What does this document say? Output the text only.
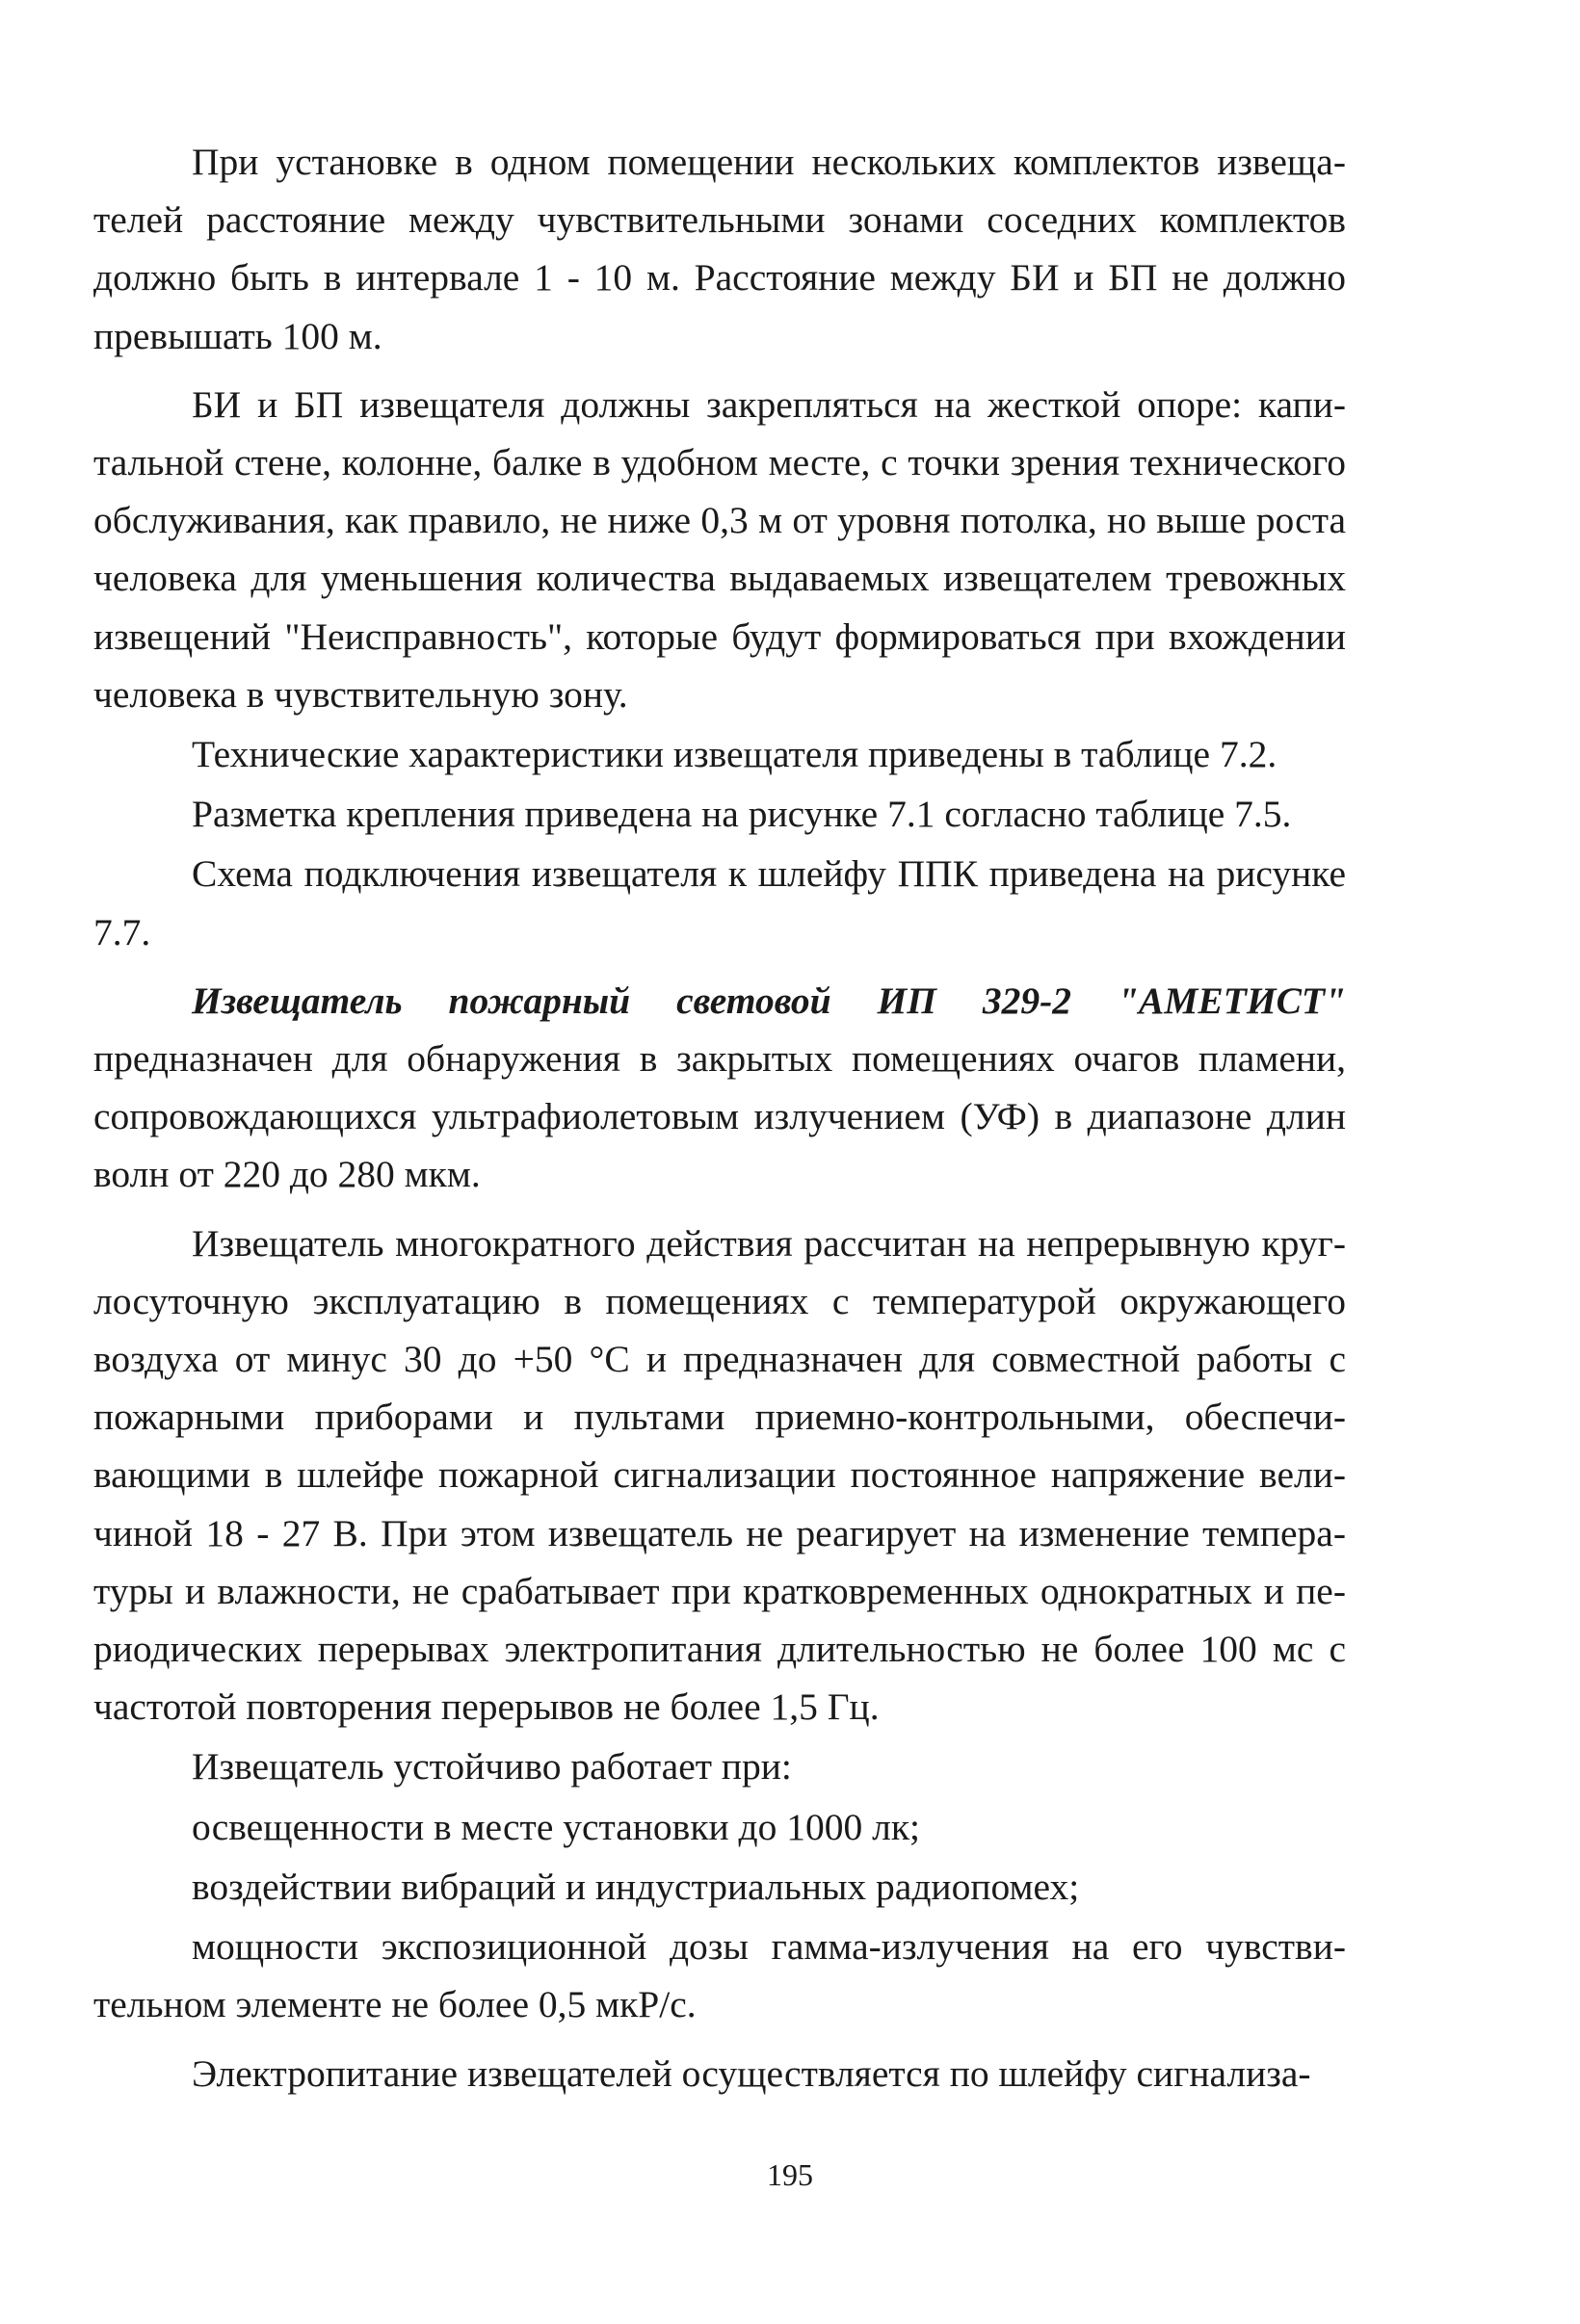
При установке в одном помещении нескольких комплектов извещателей расстояние между чувствительными зонами соседних комплектов должно быть в интервале 1 - 10 м. Расстояние между БИ и БП не должно превышать 100 м.

БИ и БП извещателя должны закрепляться на жесткой опоре: капитальной стене, колонне, балке в удобном месте, с точки зрения технического обслуживания, как правило, не ниже 0,3 м от уровня потолка, но выше роста человека для уменьшения количества выдаваемых извещателем тревожных извещений "Неисправность", которые будут формироваться при вхождении человека в чувствительную зону.

Технические характеристики извещателя приведены в таблице 7.2.

Разметка крепления приведена на рисунке 7.1 согласно таблице 7.5.

Схема подключения извещателя к шлейфу ППК приведена на рисунке 7.7.

Извещатель пожарный световой ИП 329-2 "АМЕТИСТ" предназначен для обнаружения в закрытых помещениях очагов пламени, сопровождающихся ультрафиолетовым излучением (УФ) в диапазоне длин волн от 220 до 280 мкм.

Извещатель многократного действия рассчитан на непрерывную круглосуточную эксплуатацию в помещениях с температурой окружающего воздуха от минус 30 до +50 °С и предназначен для совместной работы с пожарными приборами и пультами приемно-контрольными, обеспечивающими в шлейфе пожарной сигнализации постоянное напряжение величиной 18 - 27 В. При этом извещатель не реагирует на изменение температуры и влажности, не срабатывает при кратковременных однократных и периодических перерывах электропитания длительностью не более 100 мс с частотой повторения перерывов не более 1,5 Гц.

Извещатель устойчиво работает при:

освещенности в месте установки до 1000 лк;

воздействии вибраций и индустриальных радиопомех;

мощности экспозиционной дозы гамма-излучения на его чувствительном элементе не более 0,5 мкР/с.

Электропитание извещателей осуществляется по шлейфу сигнализа-

195
